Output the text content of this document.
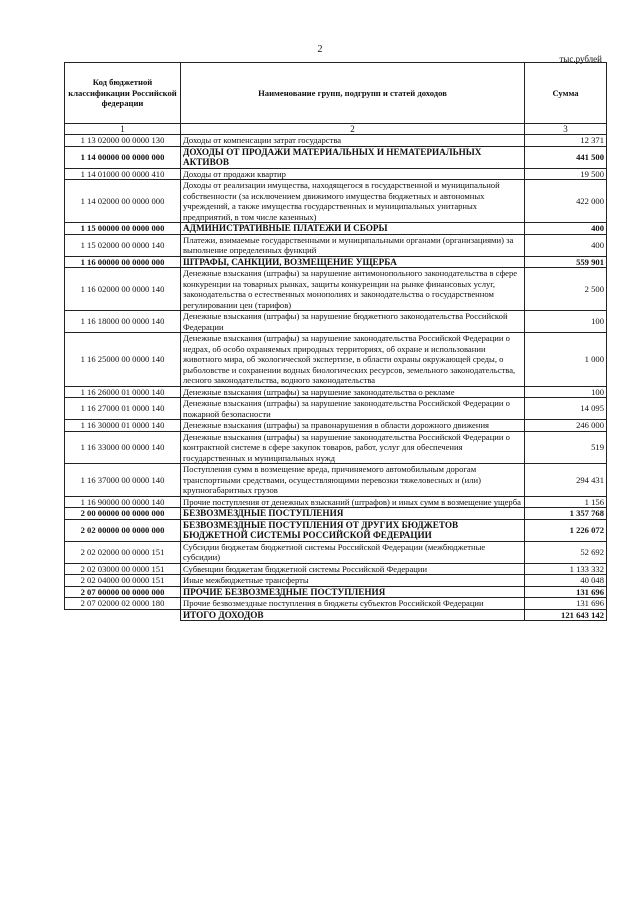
2
тыс.рублей
Код бюджетной классификации Российской федерации	Наименование групп, подгрупп и статей доходов	Сумма
1	2	3
1 13 02000 00 0000 130	Доходы от компенсации затрат государства	12 371
1 14 00000 00 0000 000	ДОХОДЫ ОТ ПРОДАЖИ МАТЕРИАЛЬНЫХ И НЕМАТЕРИАЛЬНЫХ АКТИВОВ	441 500
1 14 01000 00 0000 410	Доходы от продажи квартир	19 500
1 14 02000 00 0000 000	Доходы от реализации имущества, находящегося в государственной и муниципальной собственности (за исключением движимого имущества бюджетных и автономных учреждений, а также имущества государственных и муниципальных унитарных предприятий, в том числе казенных)	422 000
1 15 00000 00 0000 000	АДМИНИСТРАТИВНЫЕ ПЛАТЕЖИ И СБОРЫ	400
1 15 02000 00 0000 140	Платежи, взимаемые государственными и муниципальными органами (организациями) за выполнение определенных функций	400
1 16 00000 00 0000 000	ШТРАФЫ, САНКЦИИ, ВОЗМЕЩЕНИЕ УЩЕРБА	559 901
1 16 02000 00 0000 140	Денежные взыскания (штрафы) за нарушение антимонопольного законодательства в сфере конкуренции на товарных рынках, защиты конкуренции на рынке финансовых услуг, законодательства о естественных монополиях и законодательства о государственном регулировании цен (тарифов)	2 500
1 16 18000 00 0000 140	Денежные взыскания (штрафы) за нарушение бюджетного законодательства Российской Федерации	100
1 16 25000 00 0000 140	Денежные взыскания (штрафы) за нарушение законодательства Российской Федерации о недрах, об особо охраняемых природных территориях, об охране и использовании животного мира, об экологической экспертизе, в области охраны окружающей среды, о рыболовстве и сохранении водных биологических ресурсов, земельного законодательства, лесного законодательства, водного законодательства	1 000
1 16 26000 01 0000 140	Денежные взыскания (штрафы) за нарушение законодательства о рекламе	100
1 16 27000 01 0000 140	Денежные взыскания (штрафы) за нарушение законодательства Российской Федерации о пожарной безопасности	14 095
1 16 30000 01 0000 140	Денежные взыскания (штрафы) за правонарушения в области дорожного движения	246 000
1 16 33000 00 0000 140	Денежные взыскания (штрафы) за нарушение законодательства Российской Федерации о контрактной системе в сфере закупок товаров, работ, услуг для обеспечения государственных и муниципальных нужд	519
1 16 37000 00 0000 140	Поступления сумм в возмещение вреда, причиняемого автомобильным дорогам транспортными средствами, осуществляющими перевозки тяжеловесных и (или) крупногабаритных грузов	294 431
1 16 90000 00 0000 140	Прочие поступления от денежных взысканий (штрафов) и иных сумм в возмещение ущерба	1 156
2 00 00000 00 0000 000	БЕЗВОЗМЕЗДНЫЕ ПОСТУПЛЕНИЯ	1 357 768
2 02 00000 00 0000 000	БЕЗВОЗМЕЗДНЫЕ ПОСТУПЛЕНИЯ ОТ ДРУГИХ БЮДЖЕТОВ БЮДЖЕТНОЙ СИСТЕМЫ РОССИЙСКОЙ ФЕДЕРАЦИИ	1 226 072
2 02 02000 00 0000 151	Субсидии бюджетам бюджетной системы Российской Федерации (межбюджетные субсидии)	52 692
2 02 03000 00 0000 151	Субвенции бюджетам бюджетной системы Российской Федерации	1 133 332
2 02 04000 00 0000 151	Иные межбюджетные трансферты	40 048
2 07 00000 00 0000 000	ПРОЧИЕ БЕЗВОЗМЕЗДНЫЕ ПОСТУПЛЕНИЯ	131 696
2 07 02000 02 0000 180	Прочие безвозмездные поступления в бюджеты субъектов Российской Федерации	131 696
	ИТОГО ДОХОДОВ	121 643 142
